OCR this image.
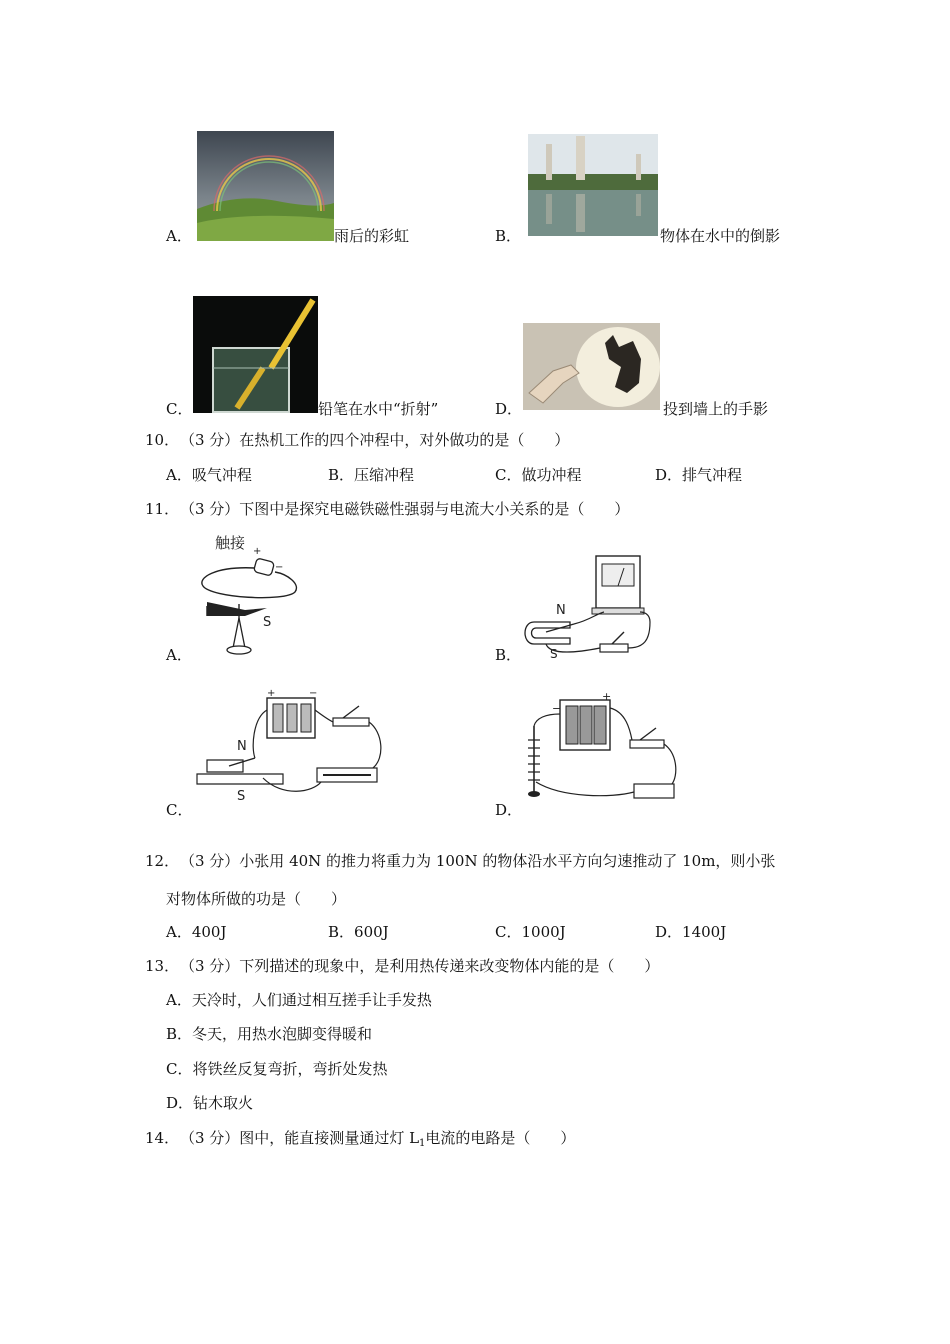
A．	雨后的彩虹	B．	物体在水中的倒影
C．	铅笔在水中“折射”	D．	投到墙上的手影
10． （3 分）在热机工作的四个冲程中，对外做功的是（　　）
A．吸气冲程	B．压缩冲程	C．做功冲程	D．排气冲程
11． （3 分）下图中是探究电磁铁磁性强弱与电流大小关系的是（　　）
A．
触接 +
−
N
S
B．
N
S
C．
N
S
+	−
D．
−
+
12． （3 分）小张用 40N 的推力将重力为 100N 的物体沿水平方向匀速推动了 10m，则小张
对物体所做的功是（　　）
A．400J	B．600J	C．1000J	D．1400J
13． （3 分）下列描述的现象中，是利用热传递来改变物体内能的是（　　）
A．天冷时，人们通过相互搓手让手发热
B．冬天，用热水泡脚变得暖和
C．将铁丝反复弯折，弯折处发热
D．钻木取火
14． （3 分）图中，能直接测量通过灯 $L_1$电流的电路是（　　）
